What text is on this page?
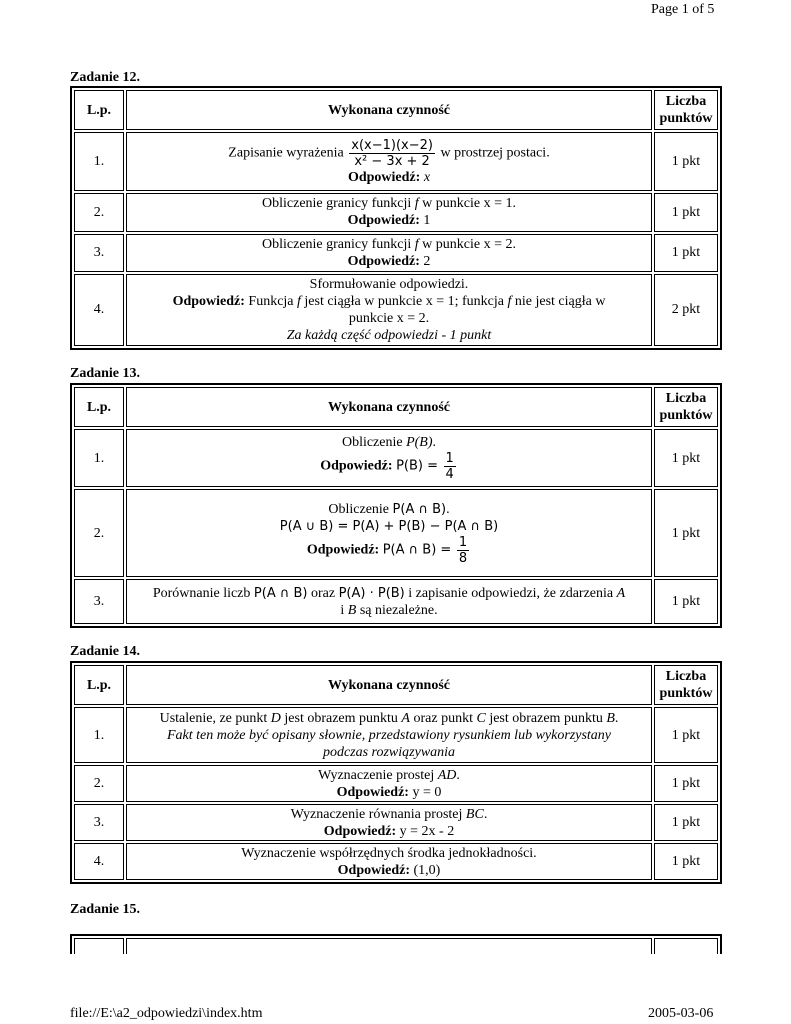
Page 1 of 5
Zadanie 12.
L.p.	Wykonana czynność	Liczba
punktów
1.	Zapisanie wyrażenia $\frac{x(x-1)(x-2)}{\text{x² − 3x + 2}}$ w prostrzej postaci.
Odpowiedź: x	1 pkt
2.	Obliczenie granicy funkcji f w punkcie x = 1.
Odpowiedź: 1	1 pkt
3.	Obliczenie granicy funkcji f w punkcie x = 2.
Odpowiedź: 2	1 pkt
4.	Sformułowanie odpowiedzi.
Odpowiedź: Funkcja f jest ciągła w punkcie x = 1; funkcja f nie jest ciągła w
punkcie x = 2.
Za każdą część odpowiedzi - 1 punkt	2 pkt
Zadanie 13.
L.p.	Wykonana czynność	Liczba
punktów
1.	Obliczenie P(B).
Odpowiedź: $P(B) = \frac{1}{4}$	1 pkt
2.	Obliczenie P(A ∩ B).
P(A ∪ B) = P(A) + P(B) − P(A ∩ B)
Odpowiedź: P(A ∩ $B) = \frac{1}{8}$	1 pkt
3.	Porównanie liczb P(A ∩ B) oraz P(A) · P(B) i zapisanie odpowiedzi, że zdarzenia A
i B są niezależne.	1 pkt
Zadanie 14.
L.p.	Wykonana czynność	Liczba
punktów
1.	Ustalenie, ze punkt D jest obrazem punktu A oraz punkt C jest obrazem punktu B.
Fakt ten może być opisany słownie, przedstawiony rysunkiem lub wykorzystany
podczas rozwiązywania	1 pkt
2.	Wyznaczenie prostej AD.
Odpowiedź: y = 0	1 pkt
3.	Wyznaczenie równania prostej BC.
Odpowiedź: y = 2x - 2	1 pkt
4.	Wyznaczenie współrzędnych środka jednokładności.
Odpowiedź: (1,0)	1 pkt
Zadanie 15.

file://E:\a2_odpowiedzi\index.htm	2005-03-06
